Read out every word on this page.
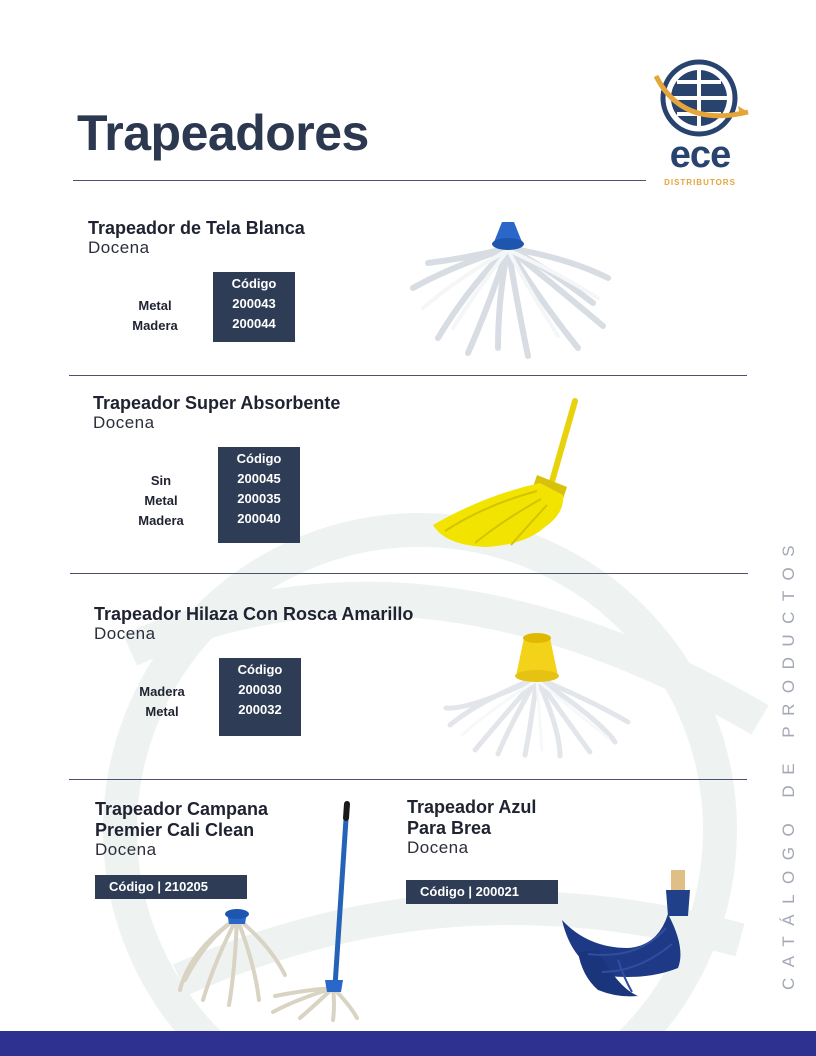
Trapeadores	ece
DISTRIBUTORS
Trapeador de Tela Blanca
Docena
Metal
Madera
Código
200043
200044
Trapeador Super Absorbente
Docena
Sin
Metal
Madera
Código
200045
200035
200040
Trapeador Hilaza Con Rosca Amarillo
Docena
Madera
Metal
Código
200030
200032
Trapeador Campana
Premier Cali Clean
Docena
Código | 210205
Trapeador Azul
Para Brea
Docena
Código | 200021	CATÁLOGO DE PRODUCTOS
